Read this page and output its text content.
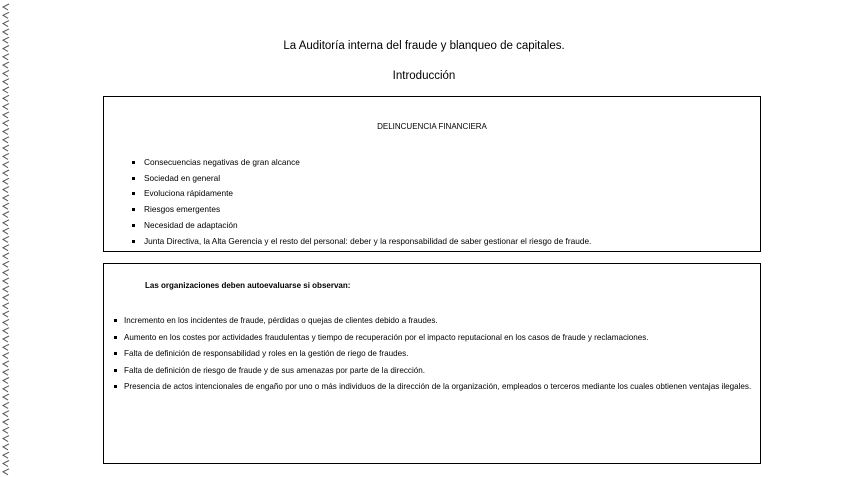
La Auditoría interna del fraude y blanqueo de capitales.
Introducción
DELINCUENCIA FINANCIERA
Consecuencias negativas de gran alcance
Sociedad en general
Evoluciona rápidamente
Riesgos emergentes
Necesidad de adaptación
Junta Directiva, la Alta Gerencia y el resto del personal: deber y la responsabilidad de saber gestionar el riesgo de fraude.
Las organizaciones deben autoevaluarse si observan:
Incremento en los incidentes de fraude, pérdidas o quejas de clientes debido a fraudes.
Aumento en los costes por actividades fraudulentas y tiempo de recuperación por el impacto reputacional en los casos de fraude y reclamaciones.
Falta de definición de responsabilidad y roles en la gestión de riego de fraudes.
Falta de definición de riesgo de fraude y de sus amenazas por parte de la dirección.
Presencia de actos intencionales de engaño por uno o más individuos de la dirección de la organización, empleados o terceros mediante los cuales obtienen ventajas ilegales.
